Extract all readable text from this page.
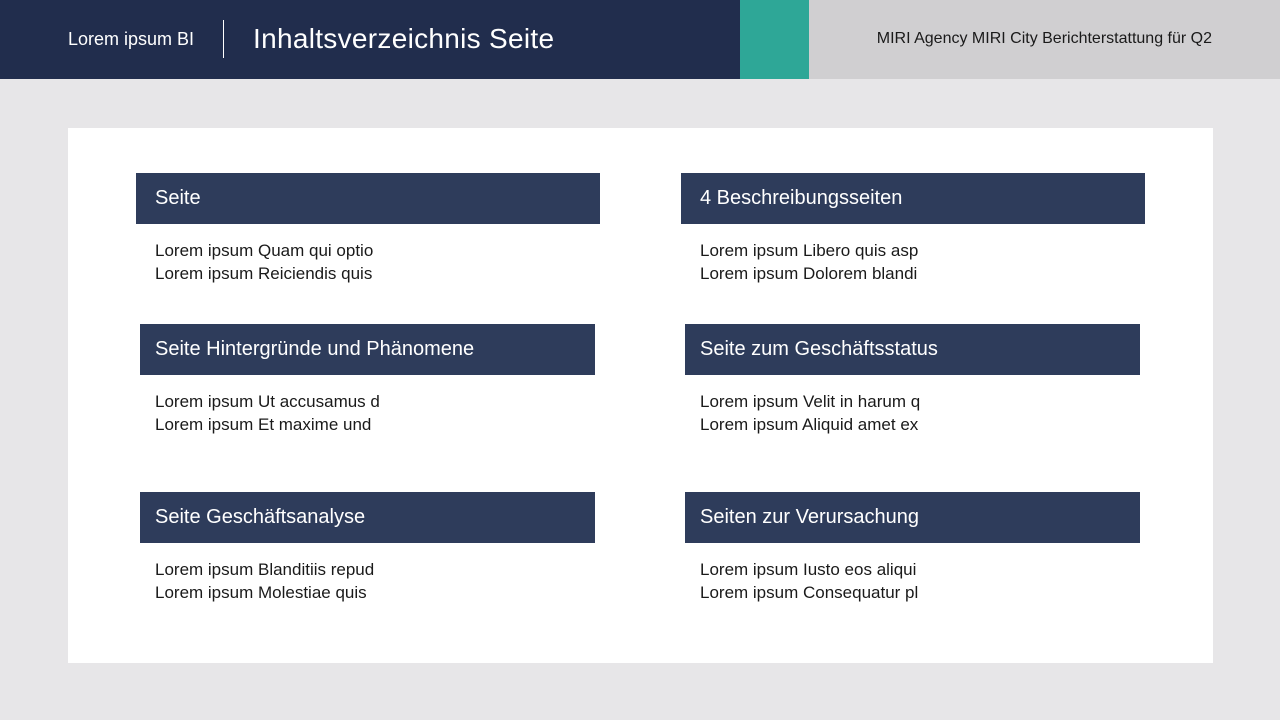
Lorem ipsum BI Inhaltsverzeichnis Seite	MIRI Agency MIRI City Berichterstattung für Q2
Seite
Lorem ipsum Quam qui optio
Lorem ipsum Reiciendis quis
4 Beschreibungsseiten
Lorem ipsum Libero quis asp
Lorem ipsum Dolorem blandi
Seite Hintergründe und Phänomene
Lorem ipsum Ut accusamus d
Lorem ipsum Et maxime und
Seite zum Geschäftsstatus
Lorem ipsum Velit in harum q
Lorem ipsum Aliquid amet ex
Seite Geschäftsanalyse
Lorem ipsum Blanditiis repud
Lorem ipsum Molestiae quis
Seiten zur Verursachung
Lorem ipsum Iusto eos aliqui
Lorem ipsum Consequatur pl
